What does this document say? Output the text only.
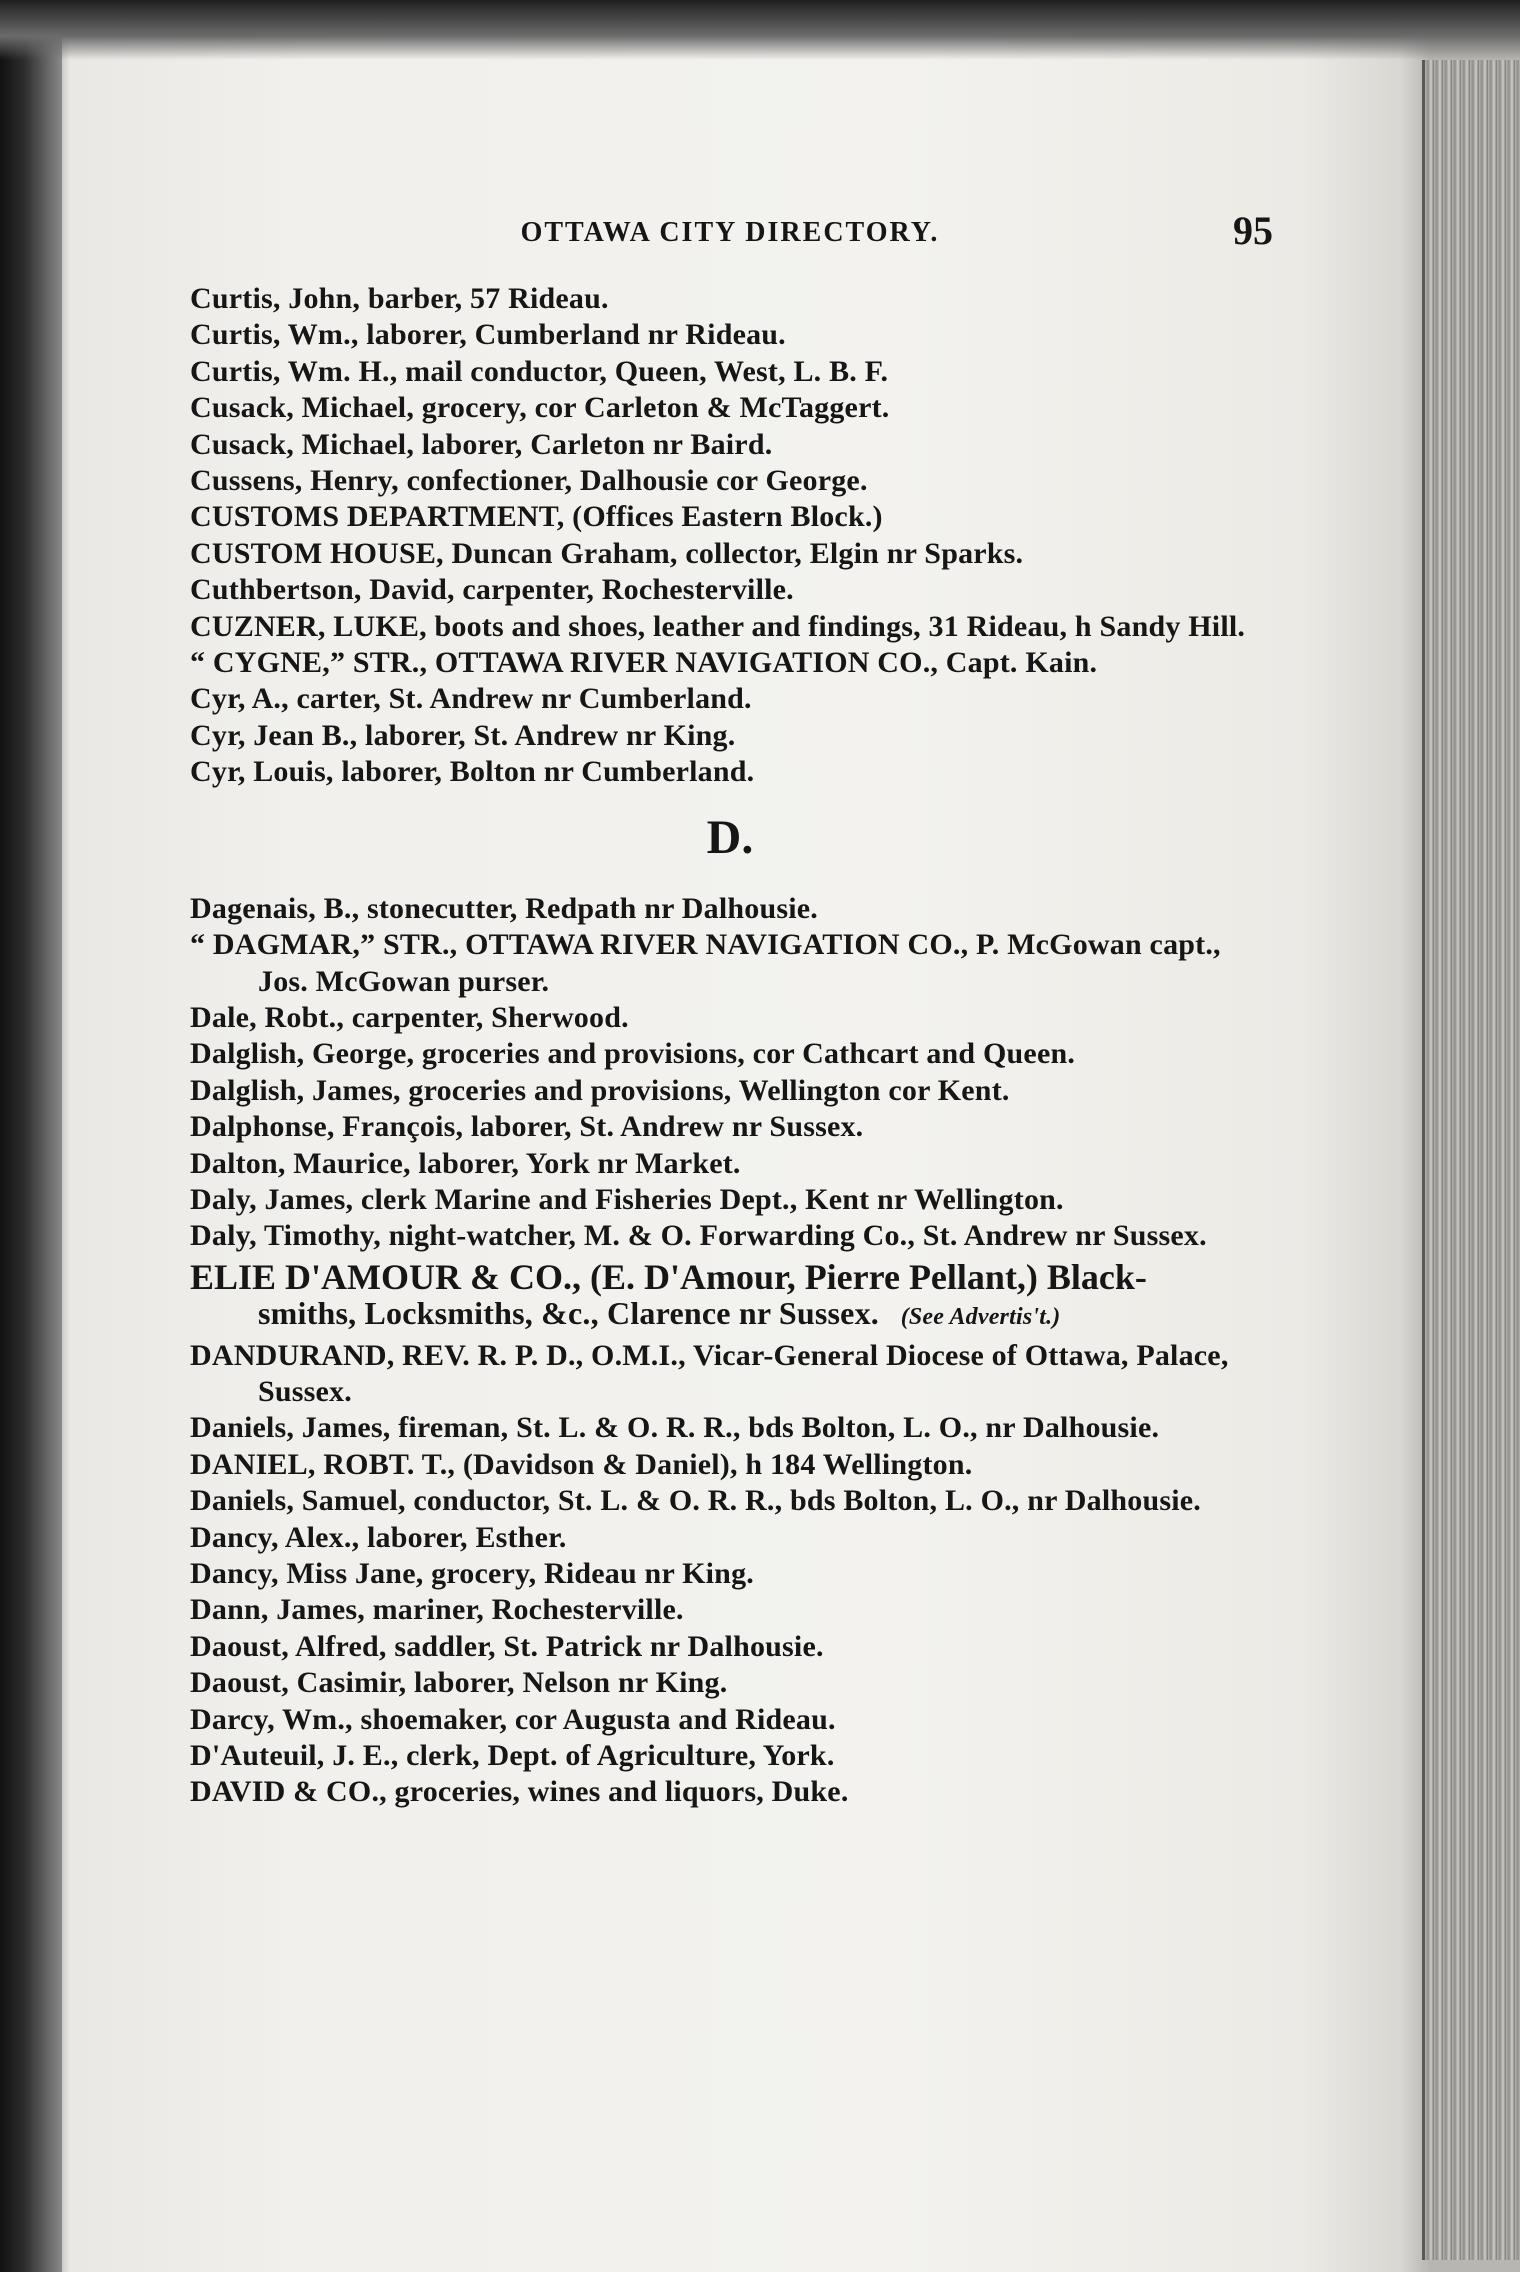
OTTAWA CITY DIRECTORY.	95

Curtis, John, barber, 57 Rideau.

Curtis, Wm., laborer, Cumberland nr Rideau.

Curtis, Wm. H., mail conductor, Queen, West, L. B. F.

Cusack, Michael, grocery, cor Carleton & McTaggert.

Cusack, Michael, laborer, Carleton nr Baird.

Cussens, Henry, confectioner, Dalhousie cor George.

CUSTOMS DEPARTMENT, (Offices Eastern Block.)

CUSTOM HOUSE, Duncan Graham, collector, Elgin nr Sparks.

Cuthbertson, David, carpenter, Rochesterville.

CUZNER, LUKE, boots and shoes, leather and findings, 31 Rideau, h Sandy Hill.

“ CYGNE,” STR., OTTAWA RIVER NAVIGATION CO., Capt. Kain.

Cyr, A., carter, St. Andrew nr Cumberland.

Cyr, Jean B., laborer, St. Andrew nr King.

Cyr, Louis, laborer, Bolton nr Cumberland.

D.

Dagenais, B., stonecutter, Redpath nr Dalhousie.

“ DAGMAR,” STR., OTTAWA RIVER NAVIGATION CO., P. McGowan capt., Jos. McGowan purser.

Dale, Robt., carpenter, Sherwood.

Dalglish, George, groceries and provisions, cor Cathcart and Queen.

Dalglish, James, groceries and provisions, Wellington cor Kent.

Dalphonse, François, laborer, St. Andrew nr Sussex.

Dalton, Maurice, laborer, York nr Market.

Daly, James, clerk Marine and Fisheries Dept., Kent nr Wellington.

Daly, Timothy, night-watcher, M. & O. Forwarding Co., St. Andrew nr Sussex.

ELIE D'AMOUR & CO., (E. D'Amour, Pierre Pellant,) Black-

smiths, Locksmiths, &c., Clarence nr Sussex. (See Advertis't.)

DANDURAND, REV. R. P. D., O.M.I., Vicar-General Diocese of Ottawa, Palace, Sussex.

Daniels, James, fireman, St. L. & O. R. R., bds Bolton, L. O., nr Dalhousie.

DANIEL, ROBT. T., (Davidson & Daniel), h 184 Wellington.

Daniels, Samuel, conductor, St. L. & O. R. R., bds Bolton, L. O., nr Dalhousie.

Dancy, Alex., laborer, Esther.

Dancy, Miss Jane, grocery, Rideau nr King.

Dann, James, mariner, Rochesterville.

Daoust, Alfred, saddler, St. Patrick nr Dalhousie.

Daoust, Casimir, laborer, Nelson nr King.

Darcy, Wm., shoemaker, cor Augusta and Rideau.

D'Auteuil, J. E., clerk, Dept. of Agriculture, York.

DAVID & CO., groceries, wines and liquors, Duke.
